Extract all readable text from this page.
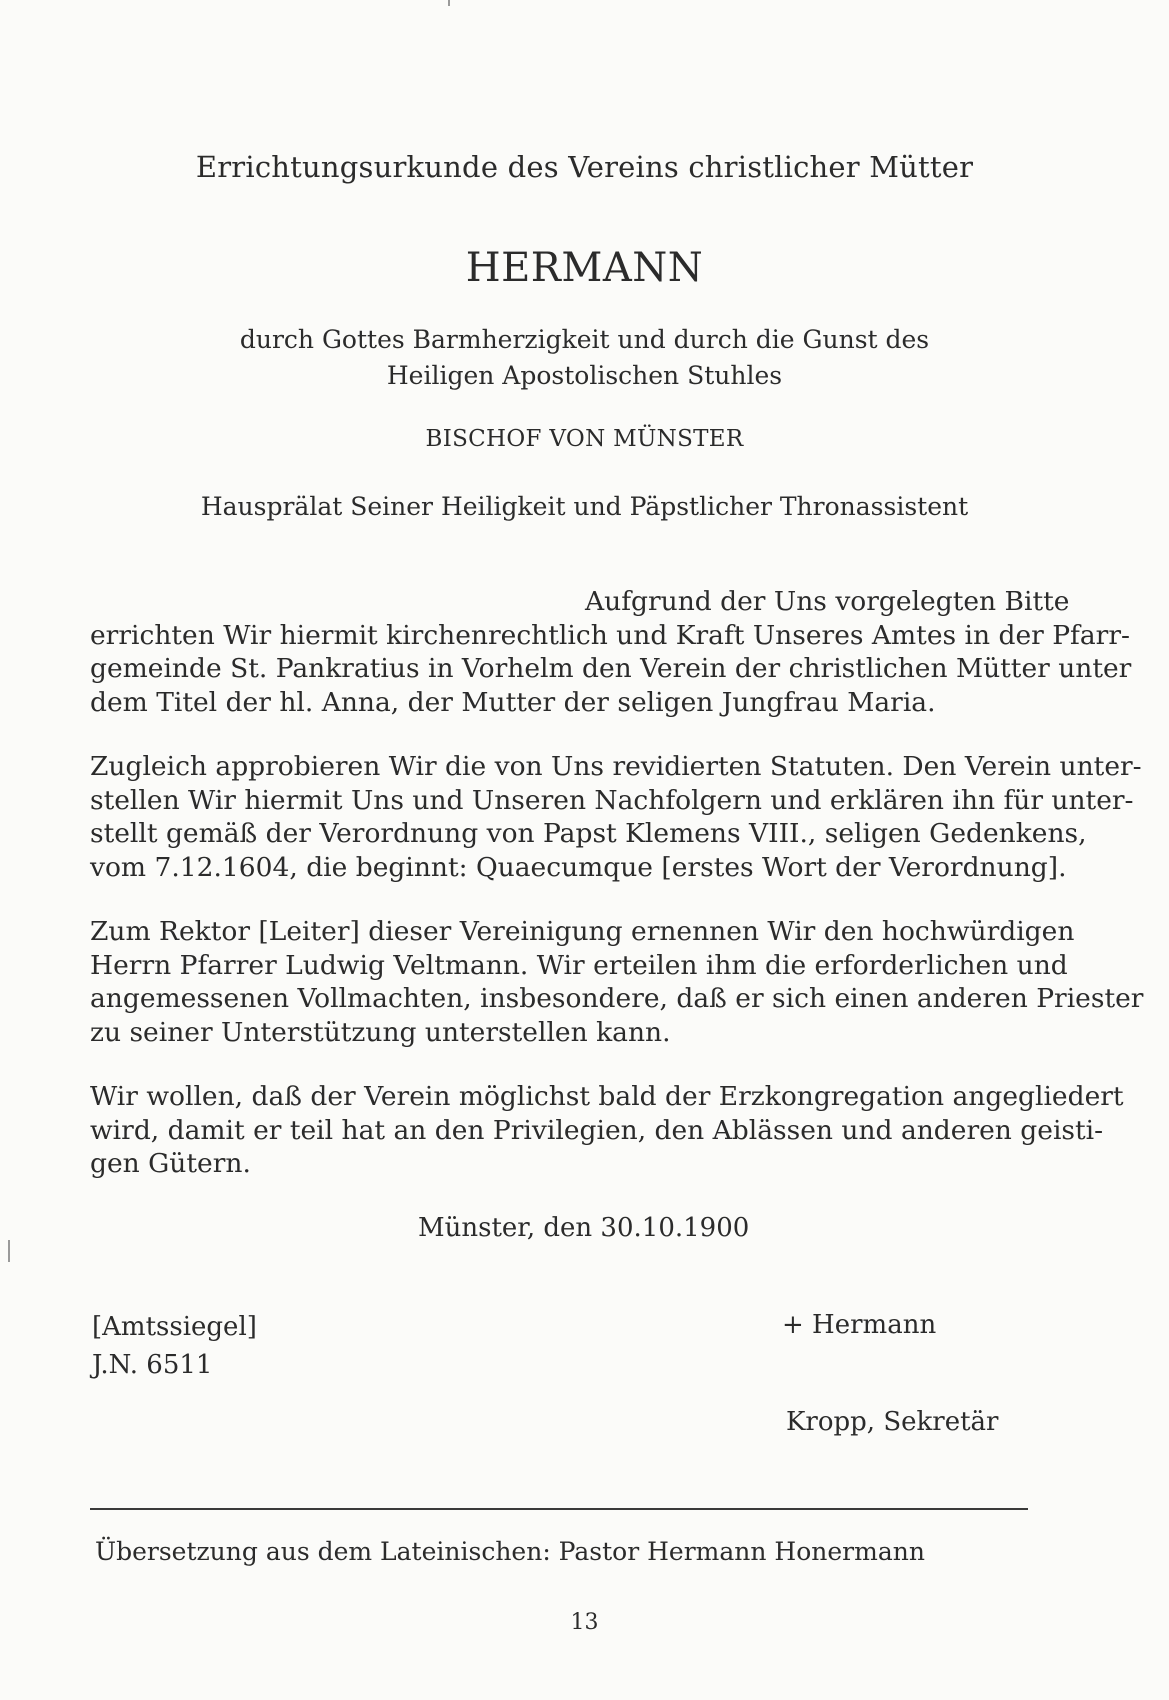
Errichtungsurkunde des Vereins christlicher Mütter
HERMANN
durch Gottes Barmherzigkeit und durch die Gunst des
Heiligen Apostolischen Stuhles
BISCHOF VON MÜNSTER
Hausprälat Seiner Heiligkeit und Päpstlicher Thronassistent
Aufgrund der Uns vorgelegten Bitte
errichten Wir hiermit kirchenrechtlich und Kraft Unseres Amtes in der Pfarr-
gemeinde St. Pankratius in Vorhelm den Verein der christlichen Mütter unter
dem Titel der hl. Anna, der Mutter der seligen Jungfrau Maria.
Zugleich approbieren Wir die von Uns revidierten Statuten. Den Verein unter-
stellen Wir hiermit Uns und Unseren Nachfolgern und erklären ihn für unter-
stellt gemäß der Verordnung von Papst Klemens VIII., seligen Gedenkens,
vom 7.12.1604, die beginnt: Quaecumque [erstes Wort der Verordnung].
Zum Rektor [Leiter] dieser Vereinigung ernennen Wir den hochwürdigen
Herrn Pfarrer Ludwig Veltmann. Wir erteilen ihm die erforderlichen und
angemessenen Vollmachten, insbesondere, daß er sich einen anderen Priester
zu seiner Unterstützung unterstellen kann.
Wir wollen, daß der Verein möglichst bald der Erzkongregation angegliedert
wird, damit er teil hat an den Privilegien, den Ablässen und anderen geisti-
gen Gütern.
Münster, den 30.10.1900
[Amtssiegel]
J.N. 6511
+ Hermann
Kropp, Sekretär
Übersetzung aus dem Lateinischen: Pastor Hermann Honermann
13
